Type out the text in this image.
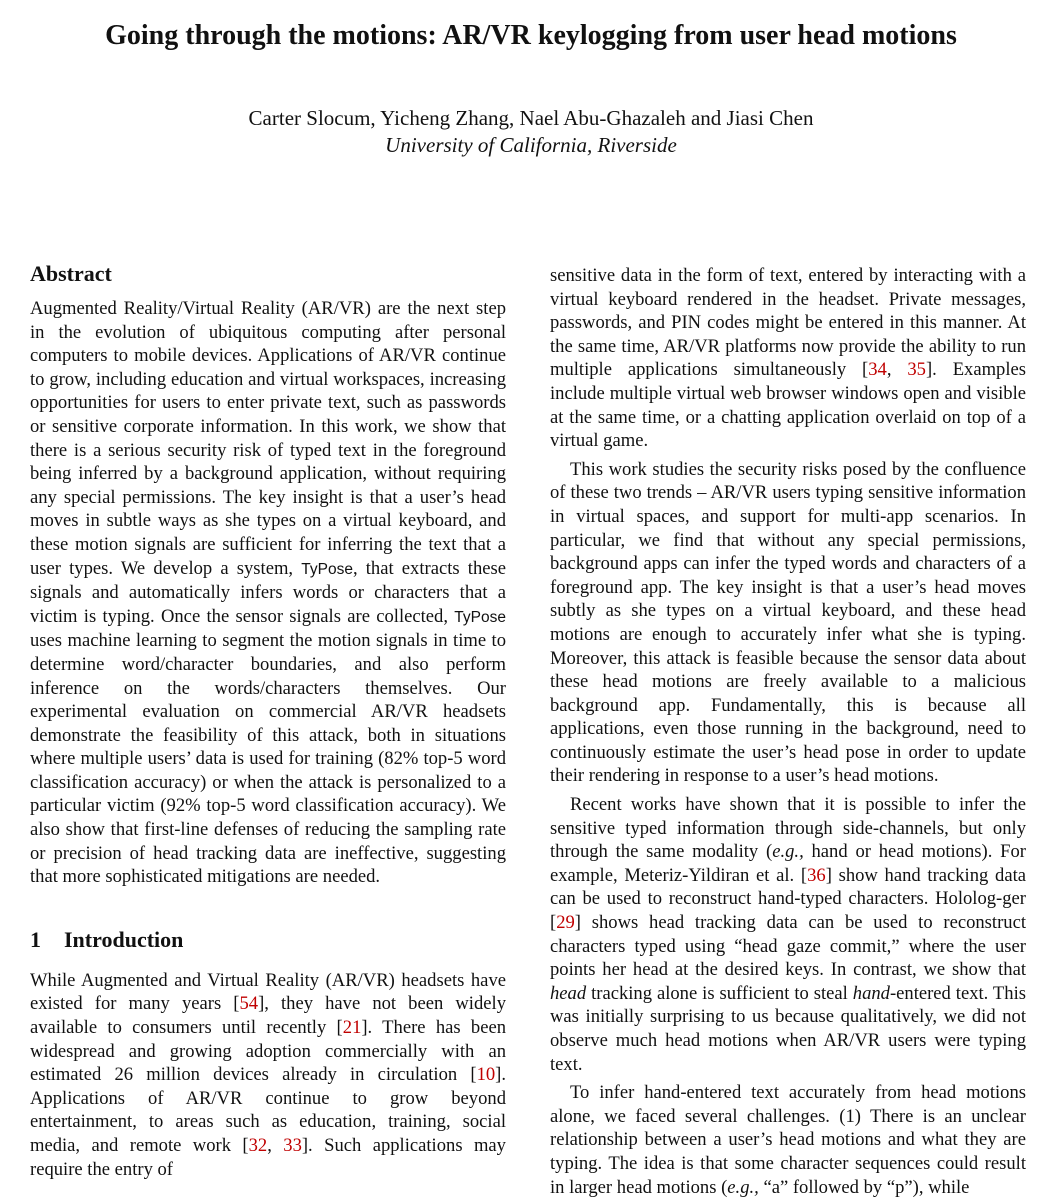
Going through the motions: AR/VR keylogging from user head motions
Carter Slocum, Yicheng Zhang, Nael Abu-Ghazaleh and Jiasi Chen
University of California, Riverside
Abstract

Augmented Reality/Virtual Reality (AR/VR) are the next step in the evolution of ubiquitous computing after personal computers to mobile devices. Applications of AR/VR continue to grow, including education and virtual workspaces, increasing opportunities for users to enter private text, such as passwords or sensitive corporate information. In this work, we show that there is a serious security risk of typed text in the foreground being inferred by a background application, without requiring any special permissions. The key insight is that a user’s head moves in subtle ways as she types on a virtual keyboard, and these motion signals are sufficient for inferring the text that a user types. We develop a system, TyPose, that extracts these signals and automatically infers words or characters that a victim is typing. Once the sensor signals are collected, TyPose uses machine learning to segment the motion signals in time to determine word/character boundaries, and also perform inference on the words/characters themselves. Our experimental evaluation on commercial AR/VR headsets demonstrate the feasibility of this attack, both in situations where multiple users’ data is used for training (82% top-5 word classification accuracy) or when the attack is personalized to a particular victim (92% top-5 word classification accuracy). We also show that first-line defenses of reducing the sampling rate or precision of head tracking data are ineffective, suggesting that more sophisticated mitigations are needed.

1 Introduction

While Augmented and Virtual Reality (AR/VR) headsets have existed for many years [54], they have not been widely available to consumers until recently [21]. There has been widespread and growing adoption commercially with an estimated 26 million devices already in circulation [10]. Applications of AR/VR continue to grow beyond entertainment, to areas such as education, training, social media, and remote work [32, 33]. Such applications may require the entry of

sensitive data in the form of text, entered by interacting with a virtual keyboard rendered in the headset. Private messages, passwords, and PIN codes might be entered in this manner. At the same time, AR/VR platforms now provide the ability to run multiple applications simultaneously [34, 35]. Examples include multiple virtual web browser windows open and visible at the same time, or a chatting application overlaid on top of a virtual game.

This work studies the security risks posed by the confluence of these two trends – AR/VR users typing sensitive information in virtual spaces, and support for multi-app scenarios. In particular, we find that without any special permissions, background apps can infer the typed words and characters of a foreground app. The key insight is that a user’s head moves subtly as she types on a virtual keyboard, and these head motions are enough to accurately infer what she is typing. Moreover, this attack is feasible because the sensor data about these head motions are freely available to a malicious background app. Fundamentally, this is because all applications, even those running in the background, need to continuously estimate the user’s head pose in order to update their rendering in response to a user’s head motions.

Recent works have shown that it is possible to infer the sensitive typed information through side-channels, but only through the same modality (e.g., hand or head motions). For example, Meteriz-Yildiran et al. [36] show hand tracking data can be used to reconstruct hand-typed characters. Hololog-ger [29] shows head tracking data can be used to reconstruct characters typed using “head gaze commit,” where the user points her head at the desired keys. In contrast, we show that head tracking alone is sufficient to steal hand-entered text. This was initially surprising to us because qualitatively, we did not observe much head motions when AR/VR users were typing text.

To infer hand-entered text accurately from head motions alone, we faced several challenges. (1) There is an unclear relationship between a user’s head motions and what they are typing. The idea is that some character sequences could result in larger head motions (e.g., “a” followed by “p”), while
